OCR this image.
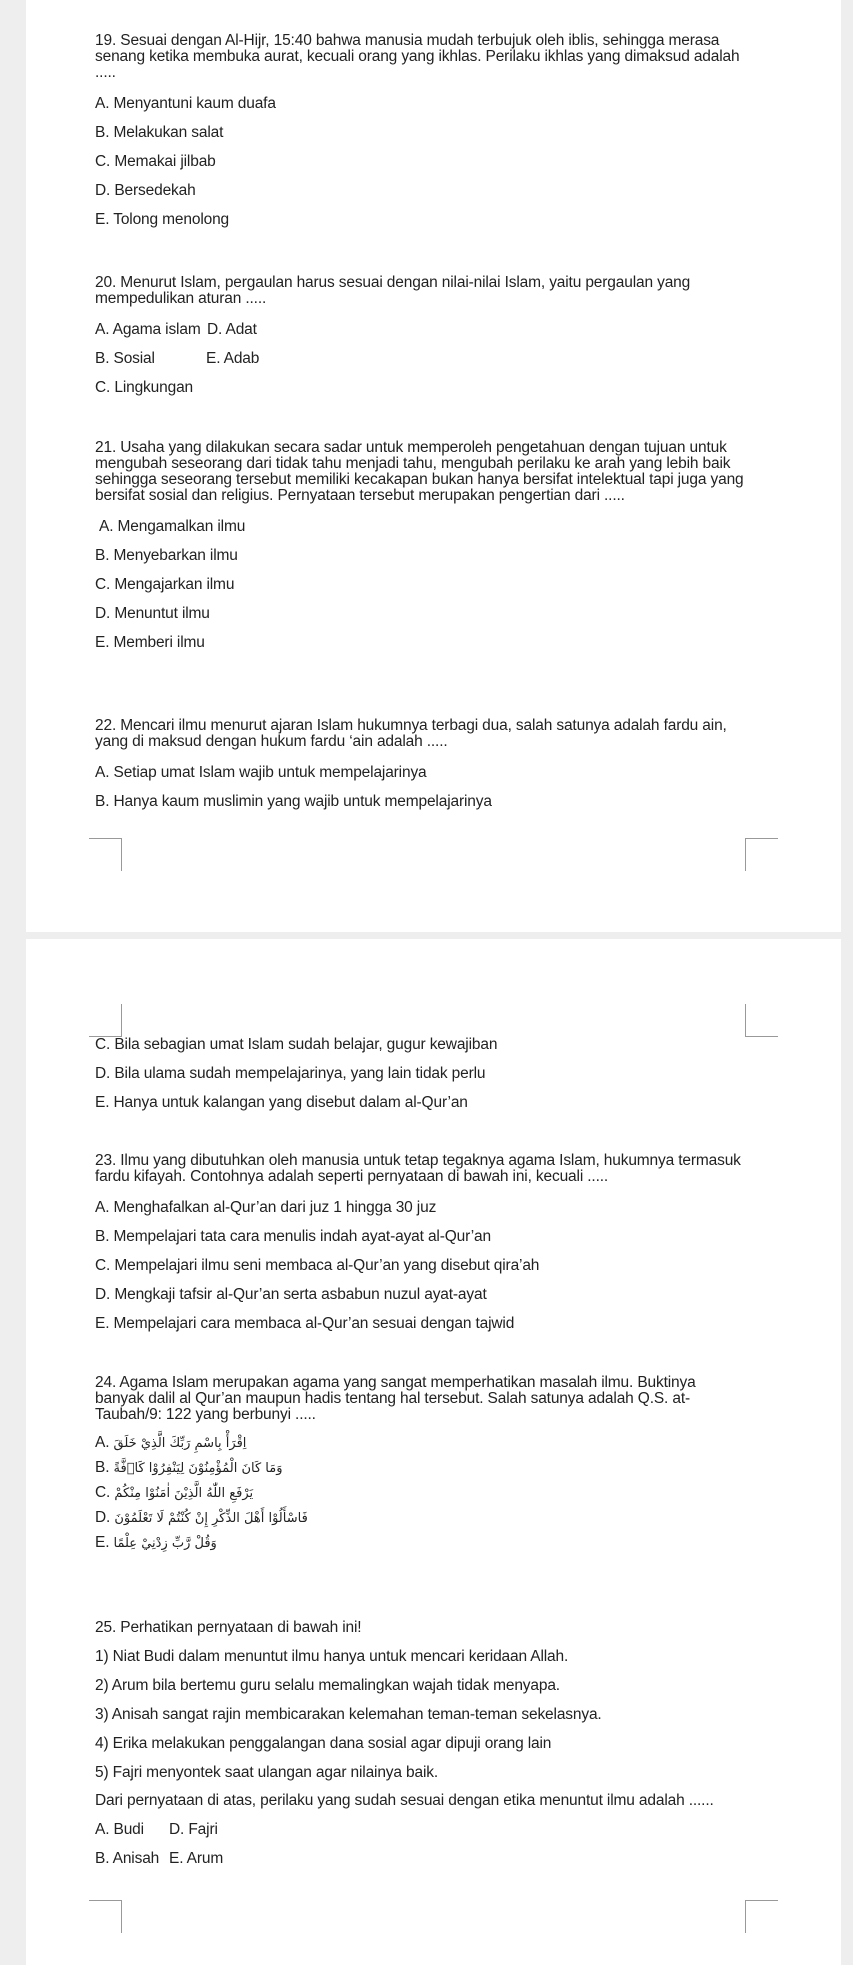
19. Sesuai dengan Al-Hijr, 15:40 bahwa manusia mudah terbujuk oleh iblis, sehingga merasa senang ketika membuka aurat, kecuali orang yang ikhlas. Perilaku ikhlas yang dimaksud adalah .....

A. Menyantuni kaum duafa
B. Melakukan salat
C. Memakai jilbab
D. Bersedekah
E. Tolong menolong

20. Menurut Islam, pergaulan harus sesuai dengan nilai-nilai Islam, yaitu pergaulan yang mempedulikan aturan .....

A. Agama islam D. Adat
B. Sosial	E. Adab
C. Lingkungan

21. Usaha yang dilakukan secara sadar untuk memperoleh pengetahuan dengan tujuan untuk mengubah seseorang dari tidak tahu menjadi tahu, mengubah perilaku ke arah yang lebih baik sehingga seseorang tersebut memiliki kecakapan bukan hanya bersifat intelektual tapi juga yang bersifat sosial dan religius. Pernyataan tersebut merupakan pengertian dari .....

A. Mengamalkan ilmu
B. Menyebarkan ilmu
C. Mengajarkan ilmu
D. Menuntut ilmu
E. Memberi ilmu

22. Mencari ilmu menurut ajaran Islam hukumnya terbagi dua, salah satunya adalah fardu ain, yang di maksud dengan hukum fardu ‘ain adalah .....

A. Setiap umat Islam wajib untuk mempelajarinya
B. Hanya kaum muslimin yang wajib untuk mempelajarinya
C. Bila sebagian umat Islam sudah belajar, gugur kewajiban
D. Bila ulama sudah mempelajarinya, yang lain tidak perlu
E. Hanya untuk kalangan yang disebut dalam al-Qur’an

23. Ilmu yang dibutuhkan oleh manusia untuk tetap tegaknya agama Islam, hukumnya termasuk fardu kifayah. Contohnya adalah seperti pernyataan di bawah ini, kecuali .....

A. Menghafalkan al-Qur’an dari juz 1 hingga 30 juz
B. Mempelajari tata cara menulis indah ayat-ayat al-Qur’an
C. Mempelajari ilmu seni membaca al-Qur’an yang disebut qira’ah
D. Mengkaji tafsir al-Qur’an serta asbabun nuzul ayat-ayat
E. Mempelajari cara membaca al-Qur’an sesuai dengan tajwid

24. Agama Islam merupakan agama yang sangat memperhatikan masalah ilmu. Buktinya banyak dalil al Qur’an maupun hadis tentang hal tersebut. Salah satunya adalah Q.S. at-Taubah/9: 122 yang berbunyi .....

A. اِقْرَأْ بِاسْمِ رَبِّكَ الَّذِيْ خَلَقَ
B. وَمَا كَانَ الْمُؤْمِنُوْنَ لِيَنْفِرُوْا كَاۤفَّةً
C. يَرْفَعِ اللّٰهُ الَّذِيْنَ اٰمَنُوْا مِنْكُمْ
D. فَاسْأَلُوْا أَهْلَ الذِّكْرِ إِنْ كُنْتُمْ لَا تَعْلَمُوْنَ
E. وَقُلْ رَّبِّ زِدْنِيْ عِلْمًا
25. Perhatikan pernyataan di bawah ini!
1) Niat Budi dalam menuntut ilmu hanya untuk mencari keridaan Allah.
2) Arum bila bertemu guru selalu memalingkan wajah tidak menyapa.
3) Anisah sangat rajin membicarakan kelemahan teman-teman sekelasnya.
4) Erika melakukan penggalangan dana sosial agar dipuji orang lain
5) Fajri menyontek saat ulangan agar nilainya baik.

Dari pernyataan di atas, perilaku yang sudah sesuai dengan etika menuntut ilmu adalah ......

A. Budi D. Fajri
B. Anisah E. Arum
